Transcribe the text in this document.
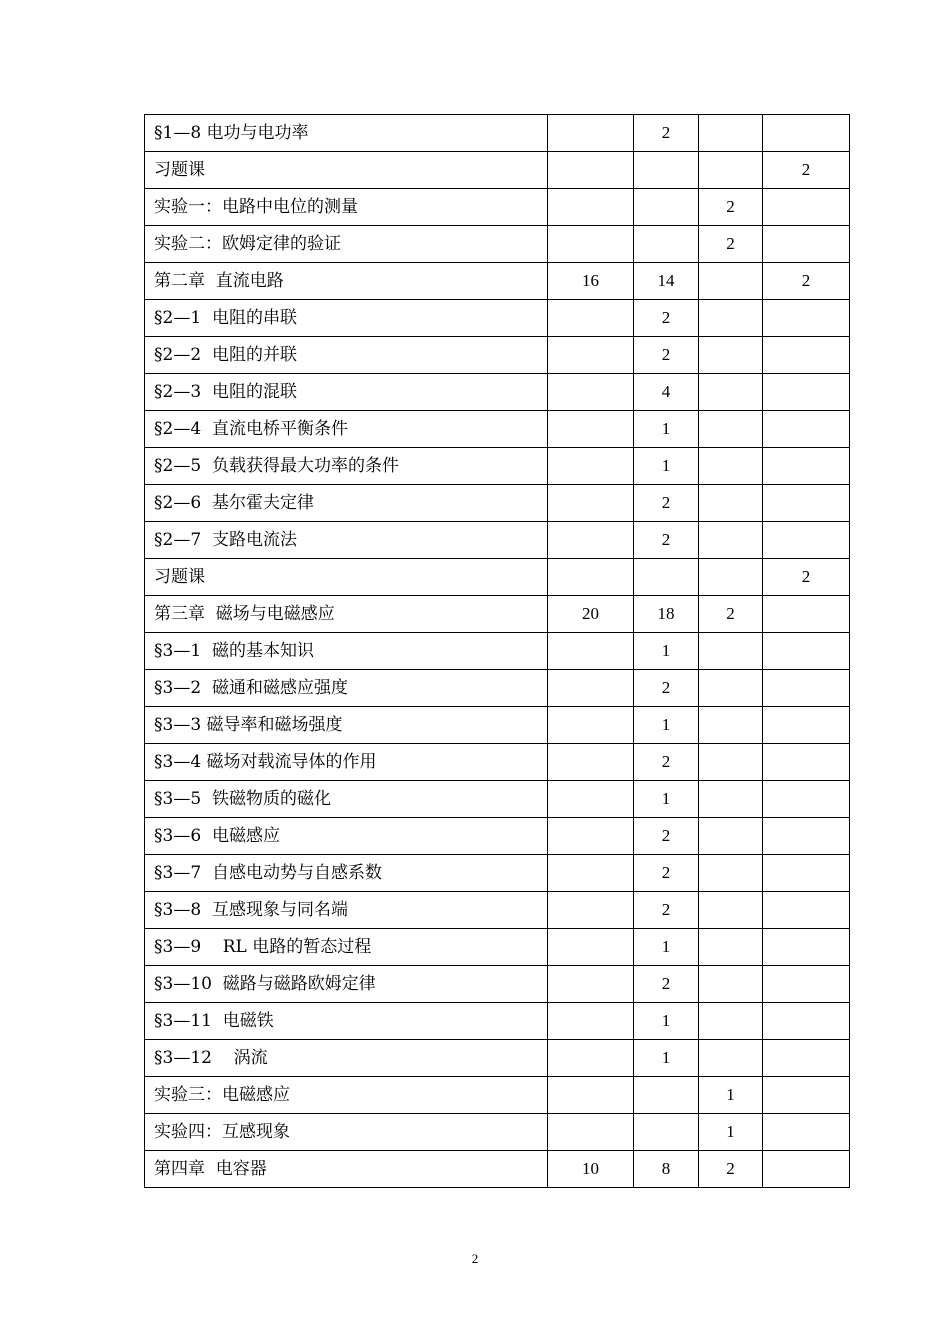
§1—8 电功与电功率		2		
习题课				2
实验一：电路中电位的测量			2	
实验二：欧姆定律的验证			2	
第二章  直流电路	16	14		2
§2—1  电阻的串联		2		
§2—2  电阻的并联		2		
§2—3  电阻的混联		4		
§2—4  直流电桥平衡条件		1		
§2—5  负载获得最大功率的条件		1		
§2—6  基尔霍夫定律		2		
§2—7  支路电流法		2		
习题课				2
第三章  磁场与电磁感应	20	18	2	
§3—1  磁的基本知识		1		
§3—2  磁通和磁感应强度		2		
§3—3 磁导率和磁场强度		1		
§3—4 磁场对载流导体的作用		2		
§3—5  铁磁物质的磁化		1		
§3—6  电磁感应		2		
§3—7  自感电动势与自感系数		2		
§3—8  互感现象与同名端		2		
§3—9    RL 电路的暂态过程		1		
§3—10  磁路与磁路欧姆定律		2		
§3—11  电磁铁		1		
§3—12    涡流		1		
实验三：电磁感应			1	
实验四：互感现象			1	
第四章  电容器	10	8	2	
2
